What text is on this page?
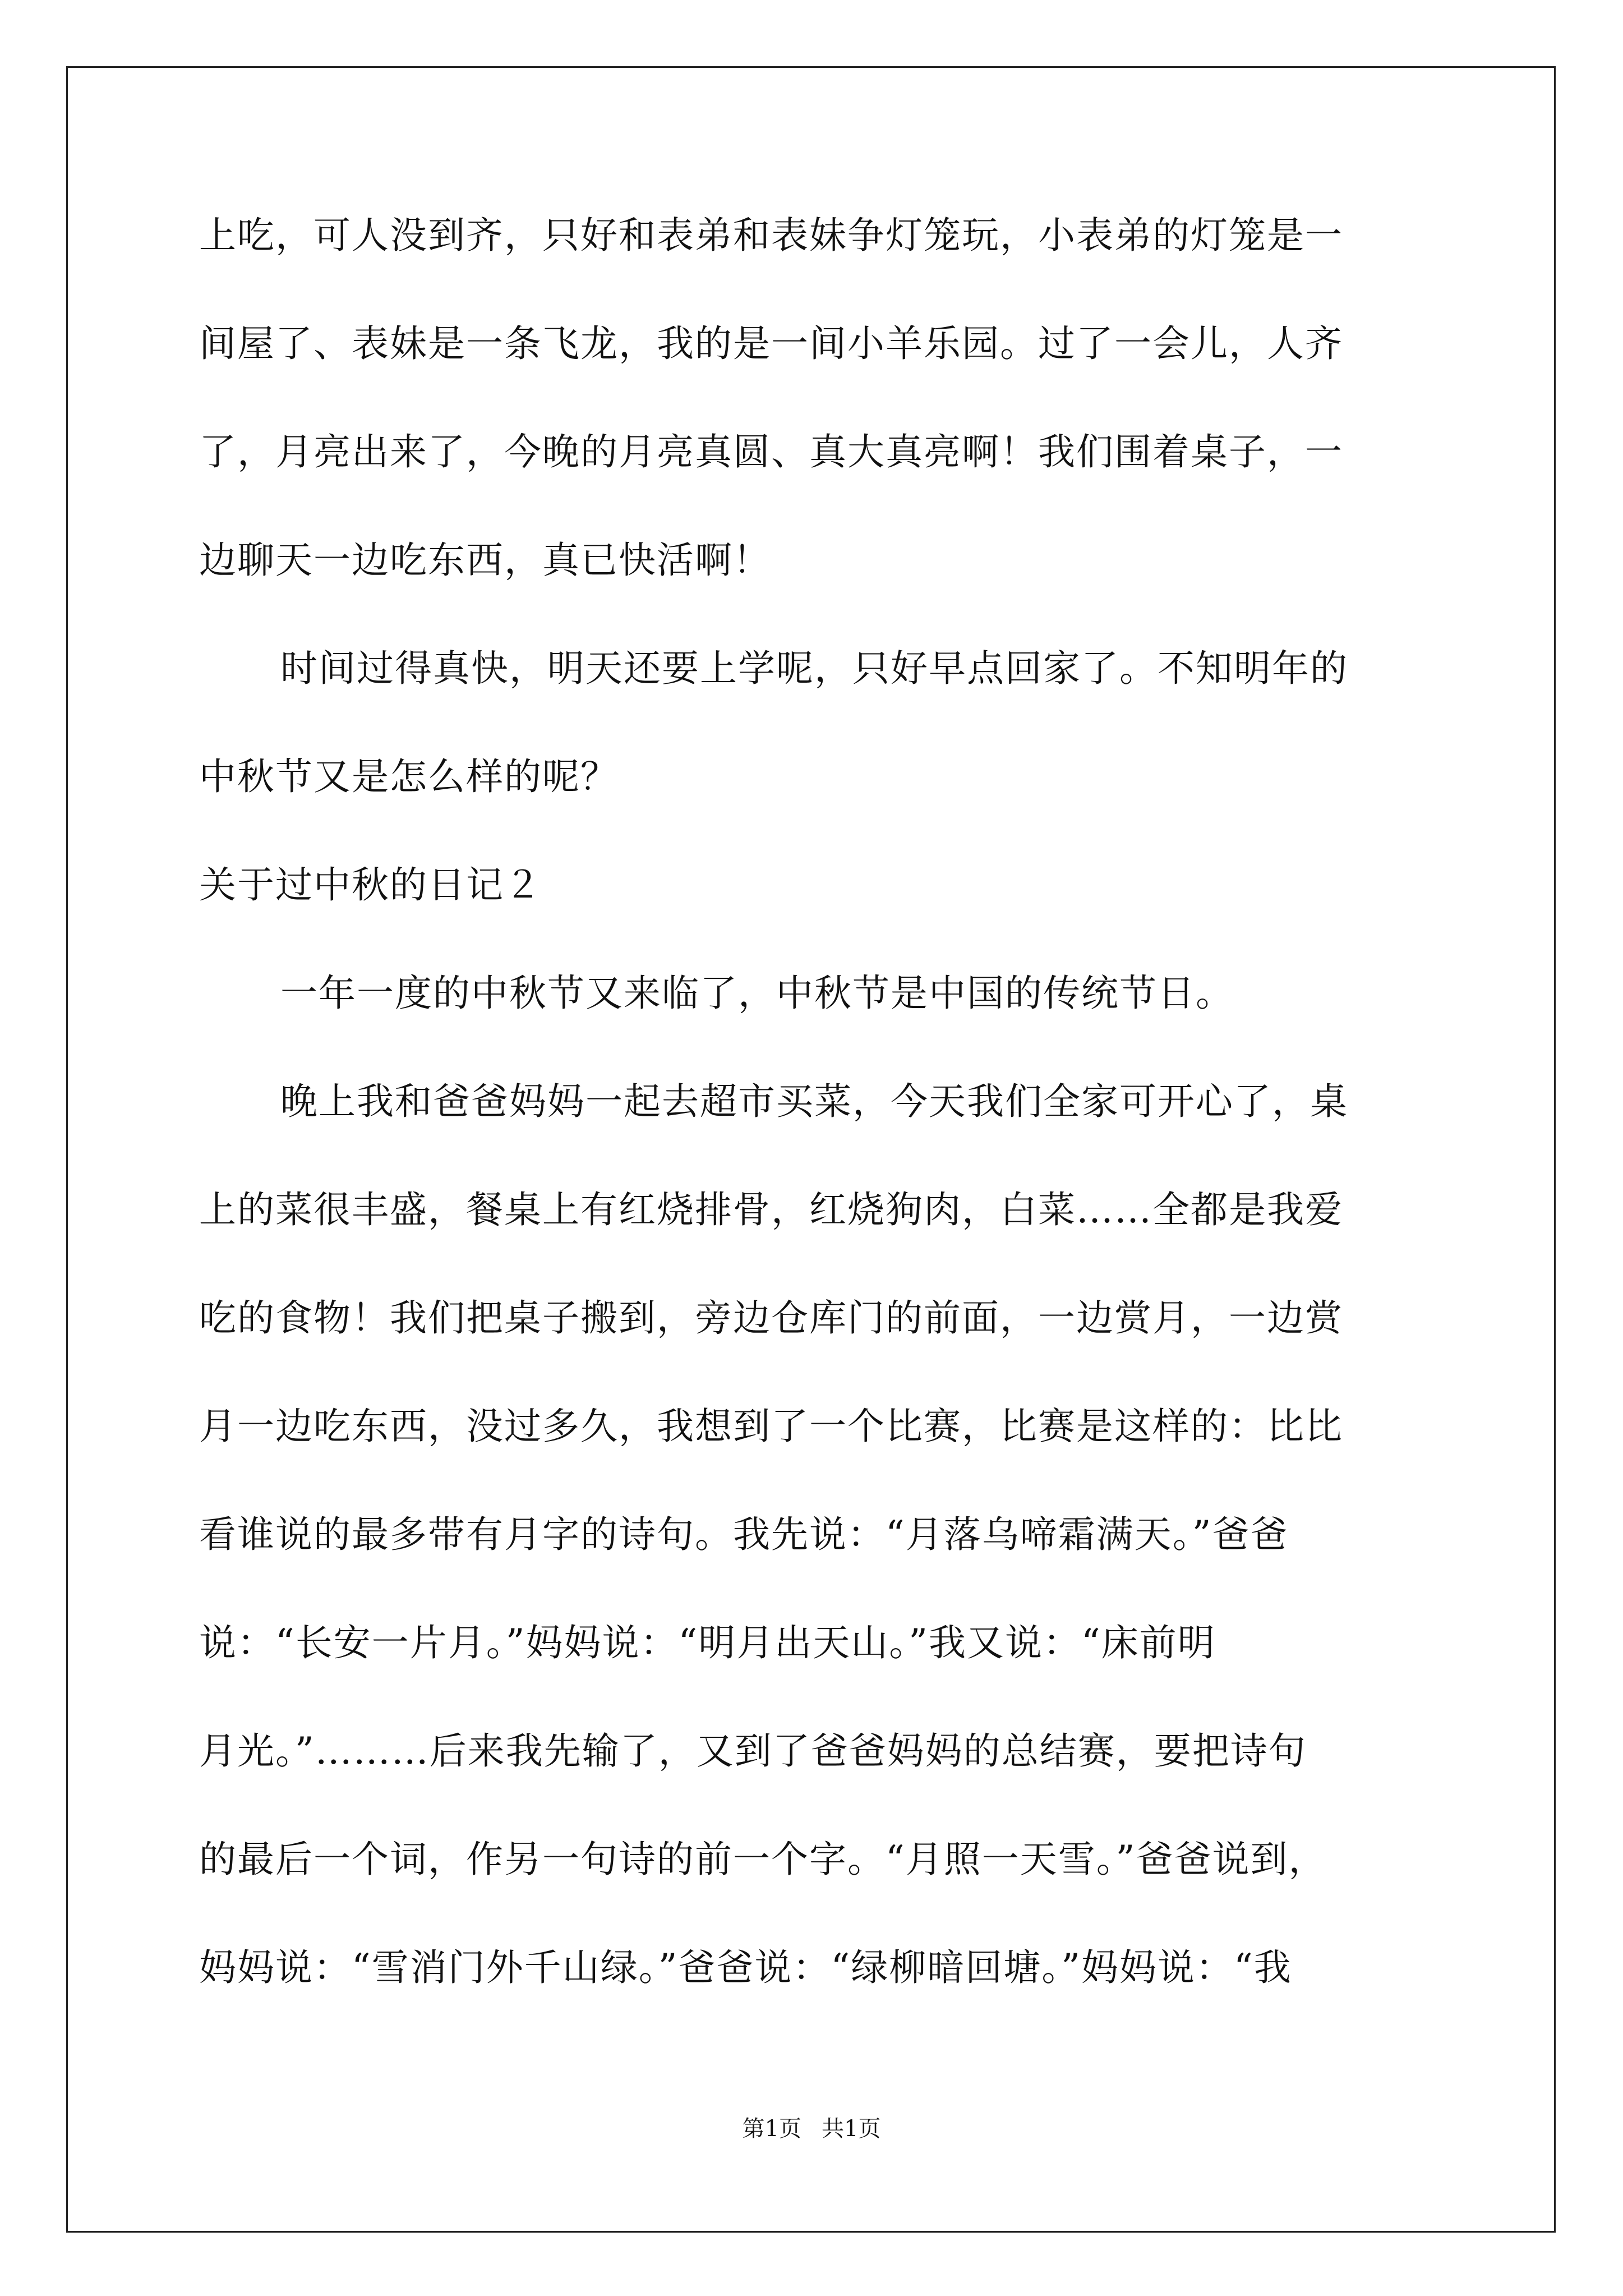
上吃，可人没到齐，只好和表弟和表妹争灯笼玩，小表弟的灯笼是一
间屋了、表妹是一条飞龙，我的是一间小羊乐园。过了一会儿，人齐
了，月亮出来了，今晚的月亮真圆、真大真亮啊！我们围着桌子，一
边聊天一边吃东西，真已快活啊！
时间过得真快，明天还要上学呢，只好早点回家了。不知明年的
中秋节又是怎么样的呢？
关于过中秋的日记２
一年一度的中秋节又来临了，中秋节是中国的传统节日。
晚上我和爸爸妈妈一起去超市买菜，今天我们全家可开心了，桌
上的菜很丰盛，餐桌上有红烧排骨，红烧狗肉，白菜……全都是我爱
吃的食物！我们把桌子搬到，旁边仓库门的前面，一边赏月，一边赏
月一边吃东西，没过多久，我想到了一个比赛，比赛是这样的：比比
看谁说的最多带有月字的诗句。我先说：“月落乌啼霜满天。”爸爸
说：“长安一片月。”妈妈说：“明月出天山。”我又说：“床前明
月光。”………后来我先输了，又到了爸爸妈妈的总结赛，要把诗句
的最后一个词，作另一句诗的前一个字。“月照一天雪。”爸爸说到，
妈妈说：“雪消门外千山绿。”爸爸说：“绿柳暗回塘。”妈妈说：“我
第1页 共1页
